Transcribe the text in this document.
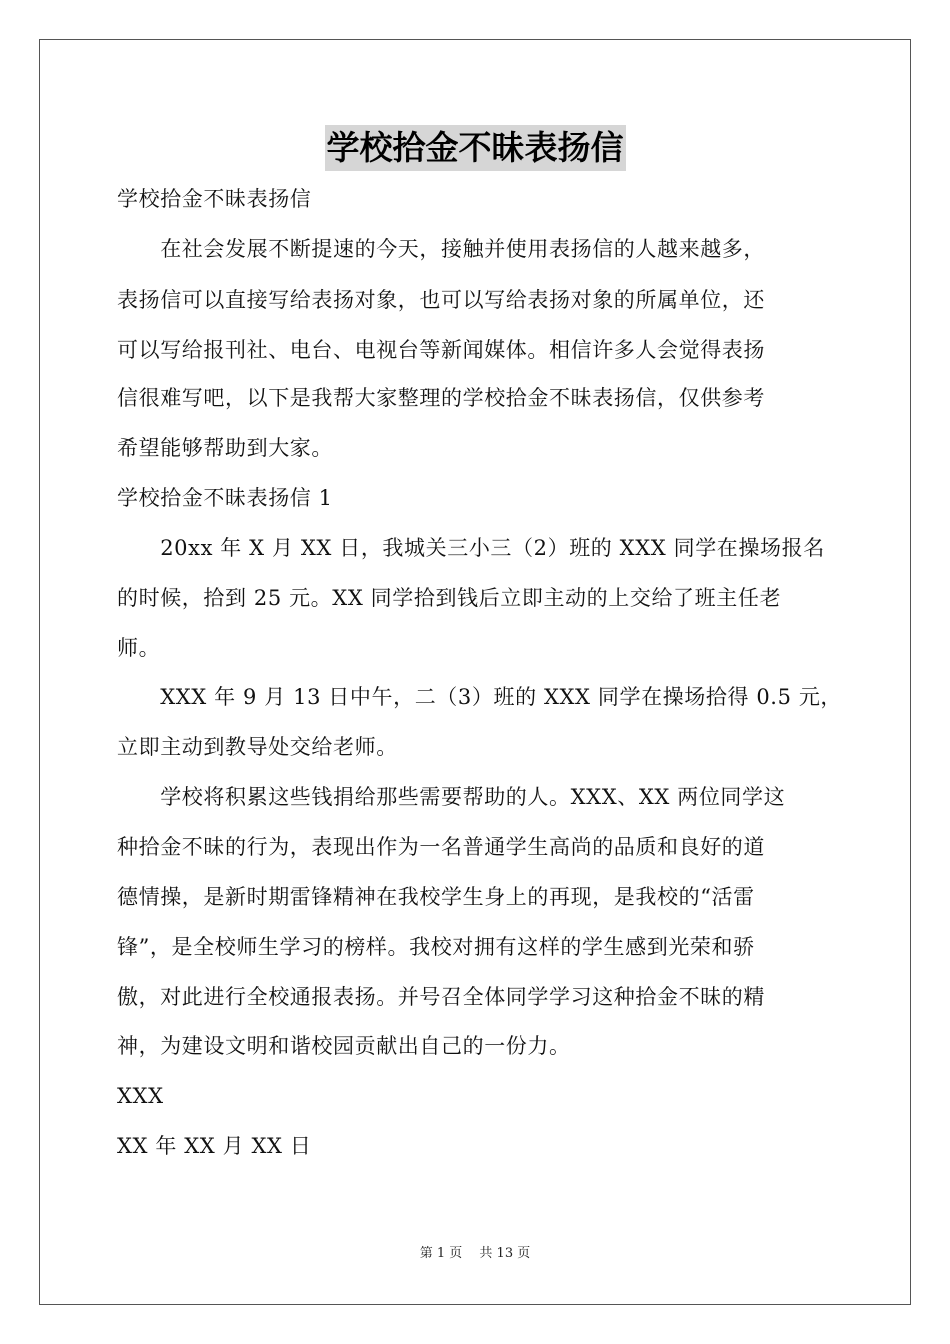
学校拾金不昧表扬信
学校拾金不昧表扬信
　　在社会发展不断提速的今天，接触并使用表扬信的人越来越多，
表扬信可以直接写给表扬对象，也可以写给表扬对象的所属单位，还
可以写给报刊社、电台、电视台等新闻媒体。相信许多人会觉得表扬
信很难写吧，以下是我帮大家整理的学校拾金不昧表扬信，仅供参考
希望能够帮助到大家。
学校拾金不昧表扬信 1
　　20xx 年 X 月 XX 日，我城关三小三（2）班的 XXX 同学在操场报名
的时候，拾到 25 元。XX 同学拾到钱后立即主动的上交给了班主任老
师。
　　XXX 年 9 月 13 日中午，二（3）班的 XXX 同学在操场拾得 0.5 元，
立即主动到教导处交给老师。
　　学校将积累这些钱捐给那些需要帮助的人。XXX、XX 两位同学这
种拾金不昧的行为，表现出作为一名普通学生高尚的品质和良好的道
德情操，是新时期雷锋精神在我校学生身上的再现，是我校的“活雷
锋”，是全校师生学习的榜样。我校对拥有这样的学生感到光荣和骄
傲，对此进行全校通报表扬。并号召全体同学学习这种拾金不昧的精
神，为建设文明和谐校园贡献出自己的一份力。
XXX
XX 年 XX 月 XX 日
第 1 页　 共 13 页
